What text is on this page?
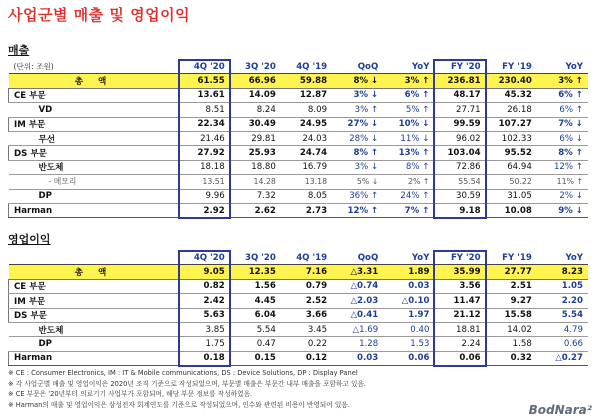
사업군별 매출 및 영업이익
매출
(단위: 조원)	4Q '20	3Q '20	4Q '19	QoQ	YoY	FY '20	FY '19	YoY
총 액	61.55	66.96	59.88	8% ↓	3% ↑	236.81	230.40	3% ↑
CE 부문	13.61	14.09	12.87	3% ↓	6% ↑	48.17	45.32	6% ↑
VD	8.51	8.24	8.09	3% ↑	5% ↑	27.71	26.18	6% ↑
IM 부문	22.34	30.49	24.95	27% ↓	10% ↓	99.59	107.27	7% ↓
무선	21.46	29.81	24.03	28% ↓	11% ↓	96.02	102.33	6% ↓
DS 부문	27.92	25.93	24.74	8% ↑	13% ↑	103.04	95.52	8% ↑
반도체	18.18	18.80	16.79	3% ↓	8% ↑	72.86	64.94	12% ↑
- 메모리	13.51	14.28	13.18	5% ↓	2% ↑	55.54	50.22	11% ↑
DP	9.96	7.32	8.05	36% ↑	24% ↑	30.59	31.05	2% ↓
Harman	2.92	2.62	2.73	12% ↑	7% ↑	9.18	10.08	9% ↓
영업이익
	4Q '20	3Q '20	4Q '19	QoQ	YoY	FY '20	FY '19	YoY
총 액	9.05	12.35	7.16	△3.31	1.89	35.99	27.77	8.23
CE 부문	0.82	1.56	0.79	△0.74	0.03	3.56	2.51	1.05
IM 부문	2.42	4.45	2.52	△2.03	△0.10	11.47	9.27	2.20
DS 부문	5.63	6.04	3.66	△0.41	1.97	21.12	15.58	5.54
반도체	3.85	5.54	3.45	△1.69	0.40	18.81	14.02	4.79
DP	1.75	0.47	0.22	1.28	1.53	2.24	1.58	0.66
Harman	0.18	0.15	0.12	0.03	0.06	0.06	0.32	△0.27
※ CE : Consumer Electronics, IM : IT & Mobile communications, DS : Device Solutions, DP : Display Panel
※ 각 사업군별 매출 및 영업이익은 2020년 조직 기준으로 작성되었으며, 부문별 매출은 부문간 내부 매출을 포함하고 있음.
※ CE 부문은 '20년부터 의료기기 사업부가 포함되며, 해당 부문 정보를 작성하였음.
※ Harman의 매출 및 영업이익은 삼성전자 회계연도를 기준으로 작성되었으며, 인수와 관련된 비용이 반영되어 있음.	BodNara²
